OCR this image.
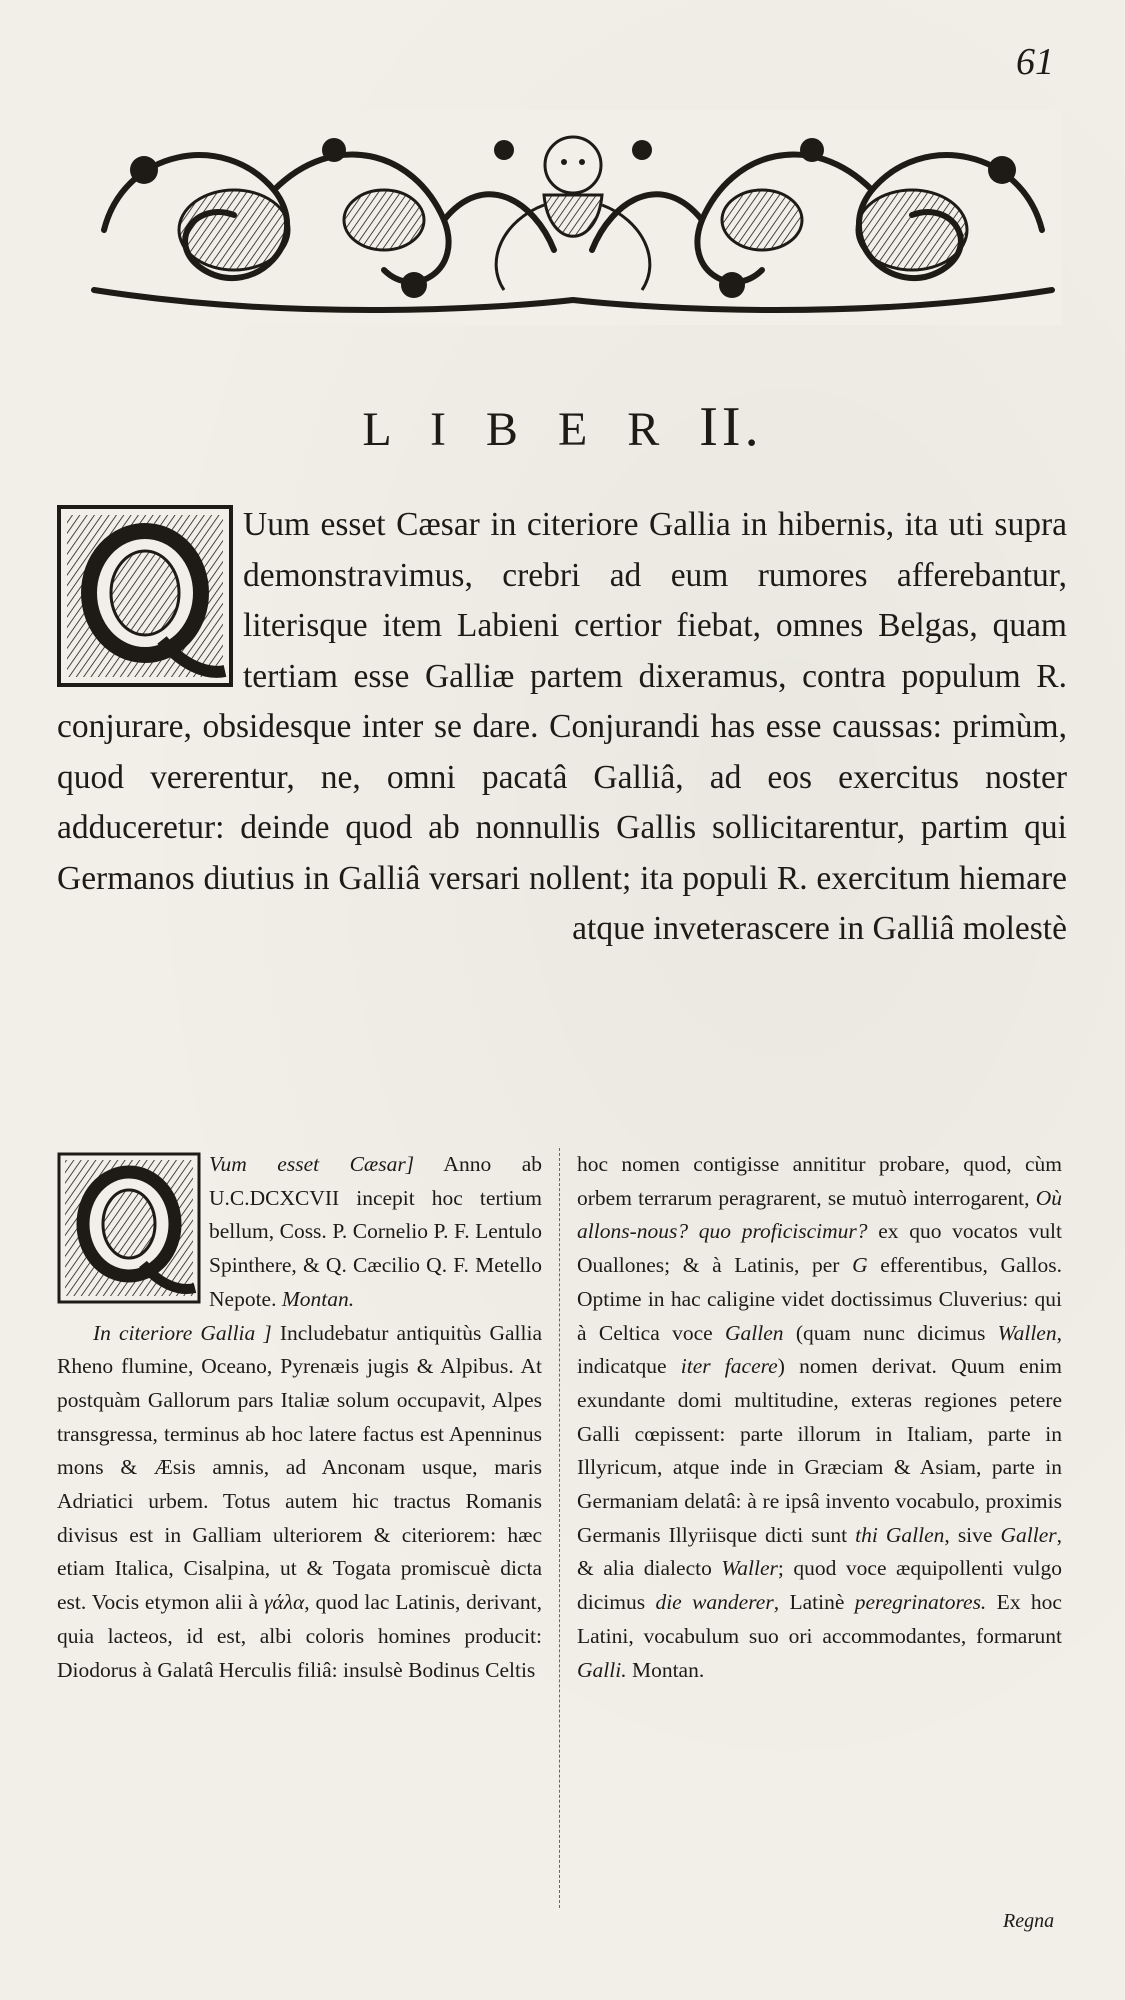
61
L I B E R II.

Uum esset Cæsar in citeriore Gallia in hibernis, ita uti supra demonstravimus, crebri ad eum rumores afferebantur, literisque item Labieni certior fiebat, omnes Belgas, quam tertiam esse Galliæ partem dixeramus, contra populum R. conjurare, obsidesque inter se dare. Conjurandi has esse caussas: primùm, quod vererentur, ne, omni pacatâ Galliâ, ad eos exercitus noster adduceretur: deinde quod ab nonnullis Gallis sollicitarentur, partim qui Germanos diutius in Galliâ versari nollent; ita populi R. exercitum hiemare atque inveterascere in Galliâ molestè

Vum esset Cæsar] Anno ab U.C.DCXCVII incepit hoc tertium bellum, Coss. P. Cornelio P. F. Lentulo Spinthere, & Q. Cæcilio Q. F. Metello Nepote. Montan.

In citeriore Gallia ] Includebatur antiquitùs Gallia Rheno flumine, Oceano, Pyrenæis jugis & Alpibus. At postquàm Gallorum pars Italiæ solum occupavit, Alpes transgressa, terminus ab hoc latere factus est Apenninus mons & Æsis amnis, ad Anconam usque, maris Adriatici urbem. Totus autem hic tractus Romanis divisus est in Galliam ulteriorem & citeriorem: hæc etiam Italica, Cisalpina, ut & Togata promiscuè dicta est. Vocis etymon alii à γάλα, quod lac Latinis, derivant, quia lacteos, id est, albi coloris homines producit: Diodorus à Galatâ Herculis filiâ: insulsè Bodinus Celtis

hoc nomen contigisse annititur probare, quod, cùm orbem terrarum peragrarent, se mutuò interrogarent, Où allons-nous? quo proficiscimur? ex quo vocatos vult Ouallones; & à Latinis, per G efferentibus, Gallos. Optime in hac caligine videt doctissimus Cluverius: qui à Celtica voce Gallen (quam nunc dicimus Wallen, indicatque iter facere) nomen derivat. Quum enim exundante domi multitudine, exteras regiones petere Galli cœpissent: parte illorum in Italiam, parte in Illyricum, atque inde in Græciam & Asiam, parte in Germaniam delatâ: à re ipsâ invento vocabulo, proximis Germanis Illyriisque dicti sunt thi Gallen, sive Galler, & alia dialecto Waller; quod voce æquipollenti vulgo dicimus die wanderer, Latinè peregrinatores. Ex hoc Latini, vocabulum suo ori accommodantes, formarunt Galli. Montan.

Regna
